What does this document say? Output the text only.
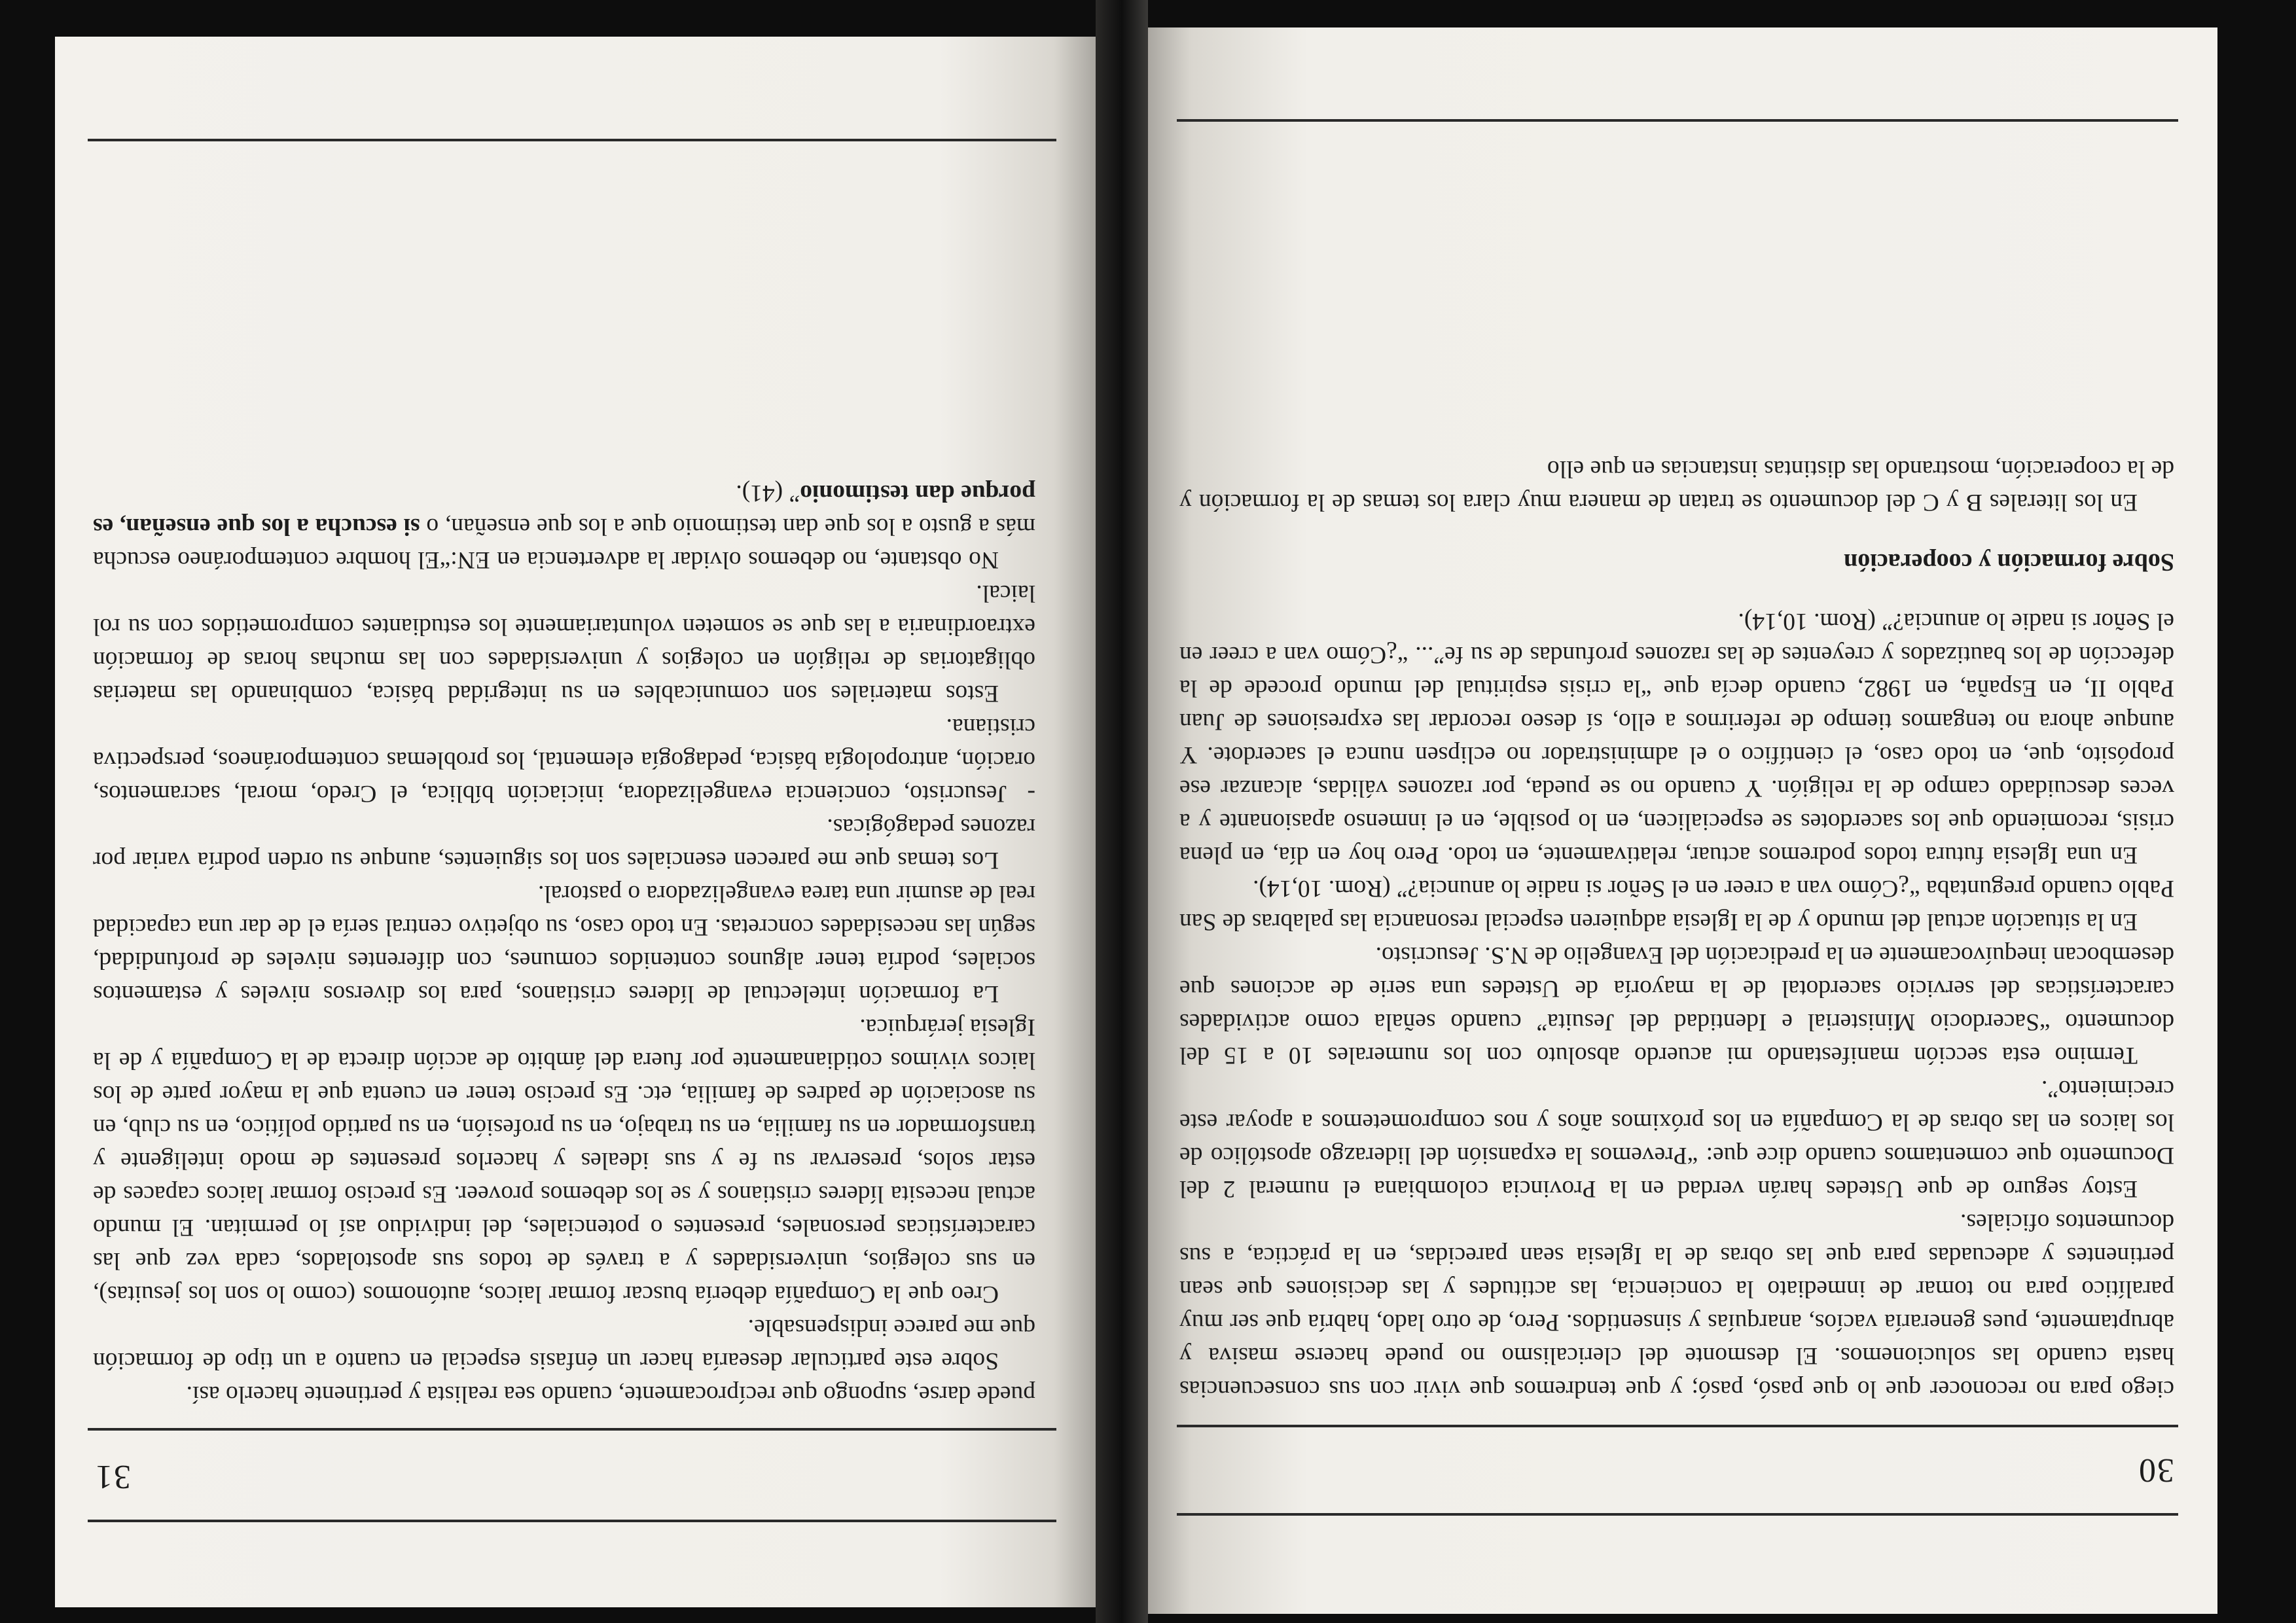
30

ciego para no reconocer que lo que pasó, pasó; y que tendremos que vivir con sus consecuencias hasta cuando las solucionemos. El desmonte del clericalismo no puede hacerse masiva y abruptamente, pues generaría vacíos, anarquías y sinsentidos. Pero, de otro lado, habría que ser muy paralítico para no tomar de inmediato la conciencia, las actitudes y las decisiones que sean pertinentes y adecuadas para que las obras de la Iglesia sean parecidas, en la práctica, a sus documentos oficiales.

Estoy seguro de que Ustedes harán verdad en la Provincia colombiana el numeral 2 del Documento que comentamos cuando dice que: “Prevemos la expansión del liderazgo apostólico de los laicos en las obras de la Compañía en los próximos años y nos comprometemos a apoyar este crecimiento”.

Termino esta sección manifestando mi acuerdo absoluto con los numerales 10 a 15 del documento “Sacerdocio Ministerial e Identidad del Jesuita” cuando señala como actividades características del servicio sacerdotal de la mayoría de Ustedes una serie de acciones que desembocan inequívocamente en la predicación del Evangelio de N.S. Jesucristo.

En la situación actual del mundo y de la Iglesia adquieren especial resonancia las palabras de San Pablo cuando preguntaba “¿Cómo van a creer en el Señor si nadie lo anuncia?” (Rom. 10,14).

En una Iglesia futura todos podremos actuar, relativamente, en todo. Pero hoy en día, en plena crisis, recomiendo que los sacerdotes se especialicen, en lo posible, en el inmenso apasionante y a veces descuidado campo de la religión. Y cuando no se pueda, por razones válidas, alcanzar ese propósito, que, en todo caso, el científico o el administrador no eclipsen nunca el sacerdote. Y aunque ahora no tengamos tiempo de referirnos a ello, sí deseo recordar las expresiones de Juan Pablo II, en España, en 1982, cuando decía que “la crisis espiritual del mundo procede de la defección de los bautizados y creyentes de las razones profundas de su fe”... “¿Cómo van a creer en el Señor si nadie lo anuncia?” (Rom. 10,14).

Sobre formación y cooperación

En los literales B y C del documento se tratan de manera muy clara los temas de la formación y de la cooperación, mostrando las distintas instancias en que ello

31

puede darse, supongo que recíprocamente, cuando sea realista y pertinente hacerlo así.

Sobre este particular desearía hacer un énfasis especial en cuanto a un tipo de formación que me parece indispensable.

Creo que la Compañía debería buscar formar laicos, autónomos (como lo son los jesuitas), en sus colegios, universidades y a través de todos sus apostolados, cada vez que las características personales, presentes o potenciales, del individuo así lo permitan. El mundo actual necesita líderes cristianos y se los debemos proveer. Es preciso formar laicos capaces de estar solos, preservar su fe y sus ideales y hacerlos presentes de modo inteligente y transformador en su familia, en su trabajo, en su profesión, en su partido político, en su club, en su asociación de padres de familia, etc. Es preciso tener en cuenta que la mayor parte de los laicos vivimos cotidianamente por fuera del ámbito de acción directa de la Compañía y de la Iglesia jerárquica.

La formación intelectual de líderes cristianos, para los diversos niveles y estamentos sociales, podría tener algunos contenidos comunes, con diferentes niveles de profundidad, según las necesidades concretas. En todo caso, su objetivo central sería el de dar una capacidad real de asumir una tarea evangelizadora o pastoral.

Los temas que me parecen esenciales son los siguientes, aunque su orden podría variar por razones pedagógicas.

-Jesucristo, conciencia evangelizadora, iniciación bíblica, el Credo, moral, sacramentos, oración, antropología básica, pedagogía elemental, los problemas contemporáneos, perspectiva cristiana.

Estos materiales son comunicables en su integridad básica, combinando las materias obligatorias de religión en colegios y universidades con las muchas horas de formación extraordinaria a las que se someten voluntariamente los estudiantes comprometidos con su rol laical.

No obstante, no debemos olvidar la advertencia en EN:“El hombre contemporáneo escucha más a gusto a los que dan testimonio que a los que enseñan, o si escucha a los que enseñan, es porque dan testimonio” (41).
